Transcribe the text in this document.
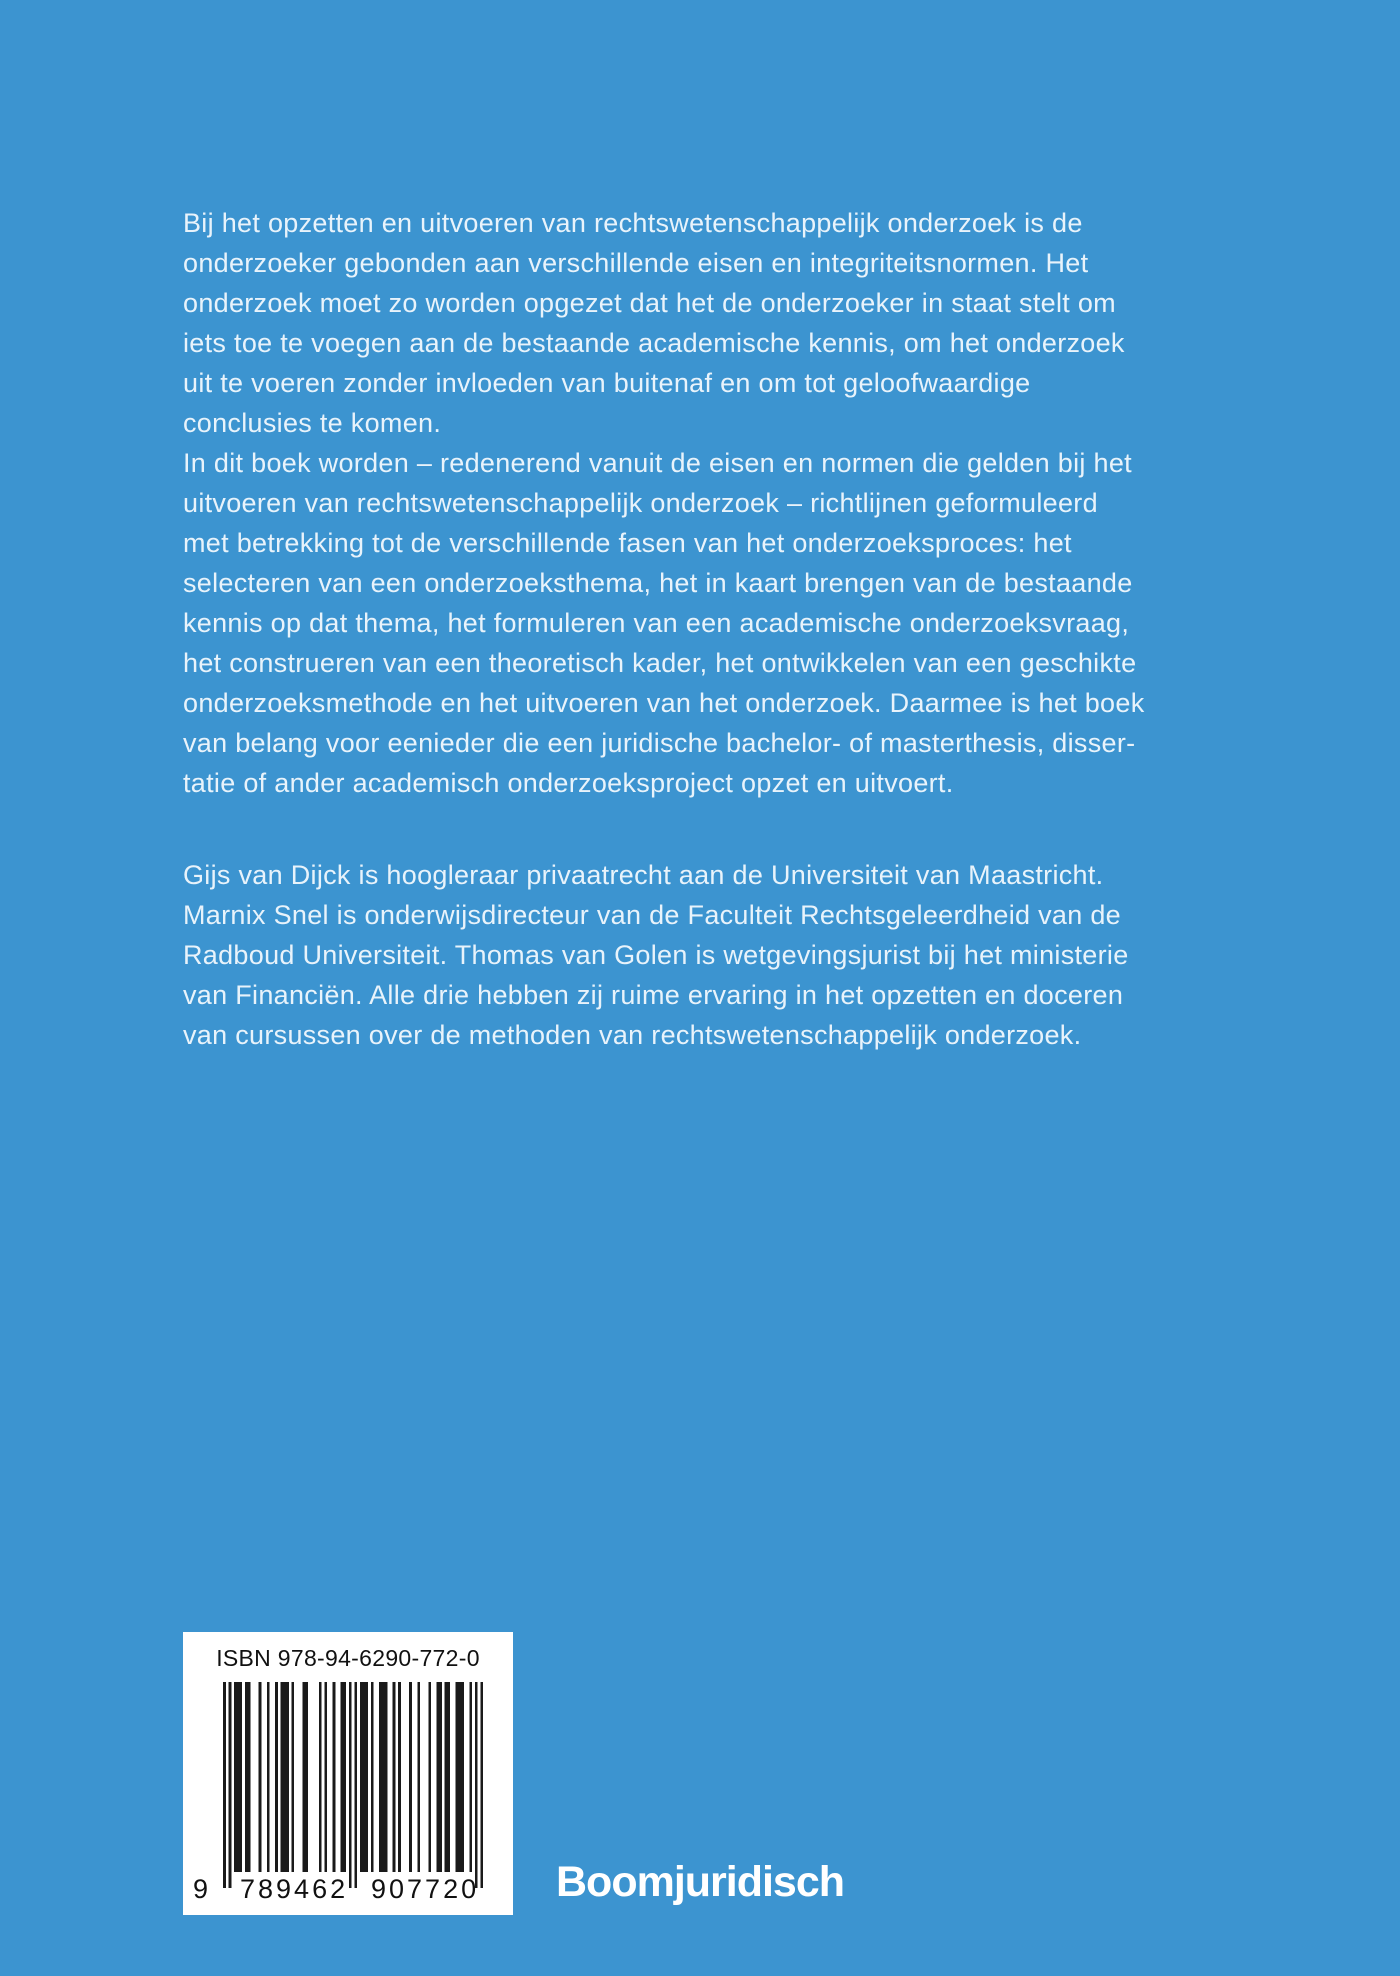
Bij het opzetten en uitvoeren van rechtswetenschappelijk onderzoek is de
onderzoeker gebonden aan verschillende eisen en integriteitsnormen. Het
onderzoek moet zo worden opgezet dat het de onderzoeker in staat stelt om
iets toe te voegen aan de bestaande academische kennis, om het onderzoek
uit te voeren zonder invloeden van buitenaf en om tot geloofwaardige
conclusies te komen.
In dit boek worden – redenerend vanuit de eisen en normen die gelden bij het
uitvoeren van rechtswetenschappelijk onderzoek – richtlijnen geformuleerd
met betrekking tot de verschillende fasen van het onderzoeksproces: het
selecteren van een onderzoeksthema, het in kaart brengen van de bestaande
kennis op dat thema, het formuleren van een academische onderzoeksvraag,
het construeren van een theoretisch kader, het ontwikkelen van een geschikte
onderzoeksmethode en het uitvoeren van het onderzoek. Daarmee is het boek
van belang voor eenieder die een juridische bachelor- of masterthesis, disser-
tatie of ander academisch onderzoeksproject opzet en uitvoert.
Gijs van Dijck is hoogleraar privaatrecht aan de Universiteit van Maastricht.
Marnix Snel is onderwijsdirecteur van de Faculteit Rechtsgeleerdheid van de
Radboud Universiteit. Thomas van Golen is wetgevingsjurist bij het ministerie
van Financiën. Alle drie hebben zij ruime ervaring in het opzetten en doceren
van cursussen over de methoden van rechtswetenschappelijk onderzoek.
ISBN 978-94-6290-772-0
9 789462 907720 Boomjuridisch
